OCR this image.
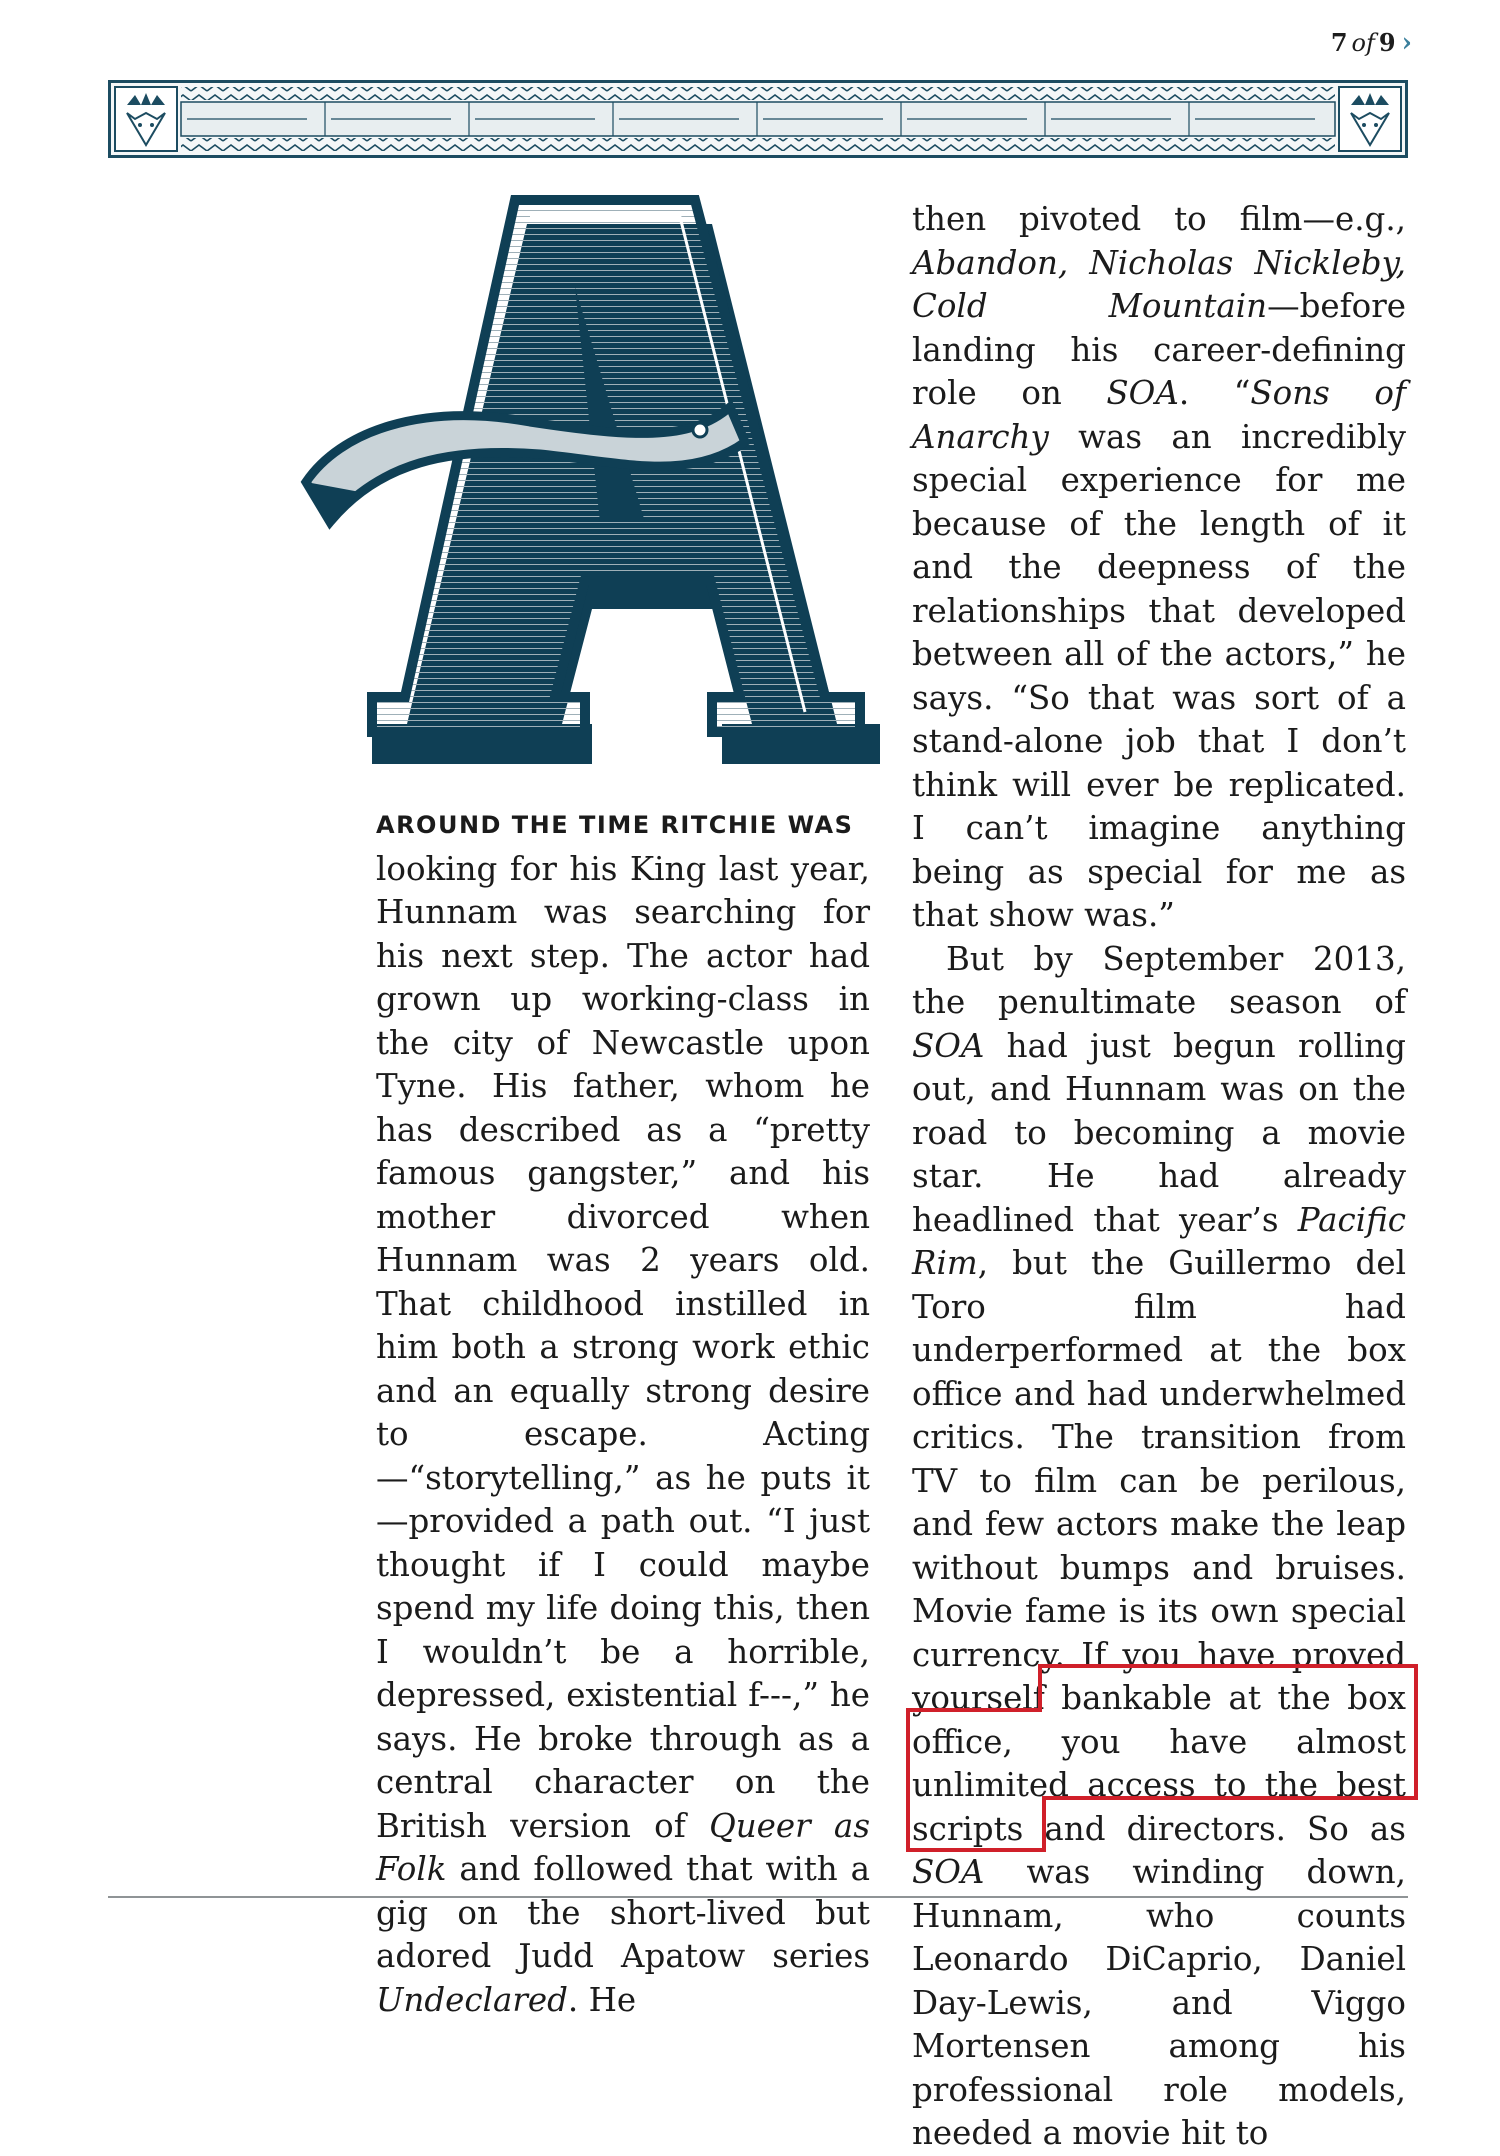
7 of 9 ›

AROUND THE TIME RITCHIE WAS
looking for his King last year, Hunnam was searching for his next step. The actor had grown up working-class in the city of Newcastle upon Tyne. His father, whom he has described as a “pretty famous gangster,” and his mother divorced when Hunnam was 2 years old. That childhood instilled in him both a strong work ethic and an equally strong desire to escape. Acting—“storytelling,” as he puts it—provided a path out. “I just thought if I could maybe spend my life doing this, then I wouldn’t be a horrible, depressed, existential f---,” he says. He broke through as a central character on the British version of Queer as Folk and followed that with a gig on the short-lived but adored Judd Apatow series Undeclared. He

then pivoted to film—e.g., Abandon, Nicholas Nickleby, Cold Mountain—before landing his career-defining role on SOA. “Sons of Anarchy was an incredibly special experience for me because of the length of it and the deepness of the relationships that developed between all of the actors,” he says. “So that was sort of a stand-alone job that I don’t think will ever be replicated. I can’t imagine anything being as special for me as that show was.”

But by September 2013, the penultimate season of SOA had just begun rolling out, and Hunnam was on the road to becoming a movie star. He had already headlined that year’s Pacific Rim, but the Guillermo del Toro film had underperformed at the box office and had underwhelmed critics. The transition from TV to film can be perilous, and few actors make the leap without bumps and bruises. Movie fame is its own special currency. If you have proved yourself bankable at the box office, you have almost unlimited access to the best scripts and directors. So as SOA was winding down, Hunnam, who counts Leonardo DiCaprio, Daniel Day-Lewis, and Viggo Mortensen among his professional role models, needed a movie hit to
